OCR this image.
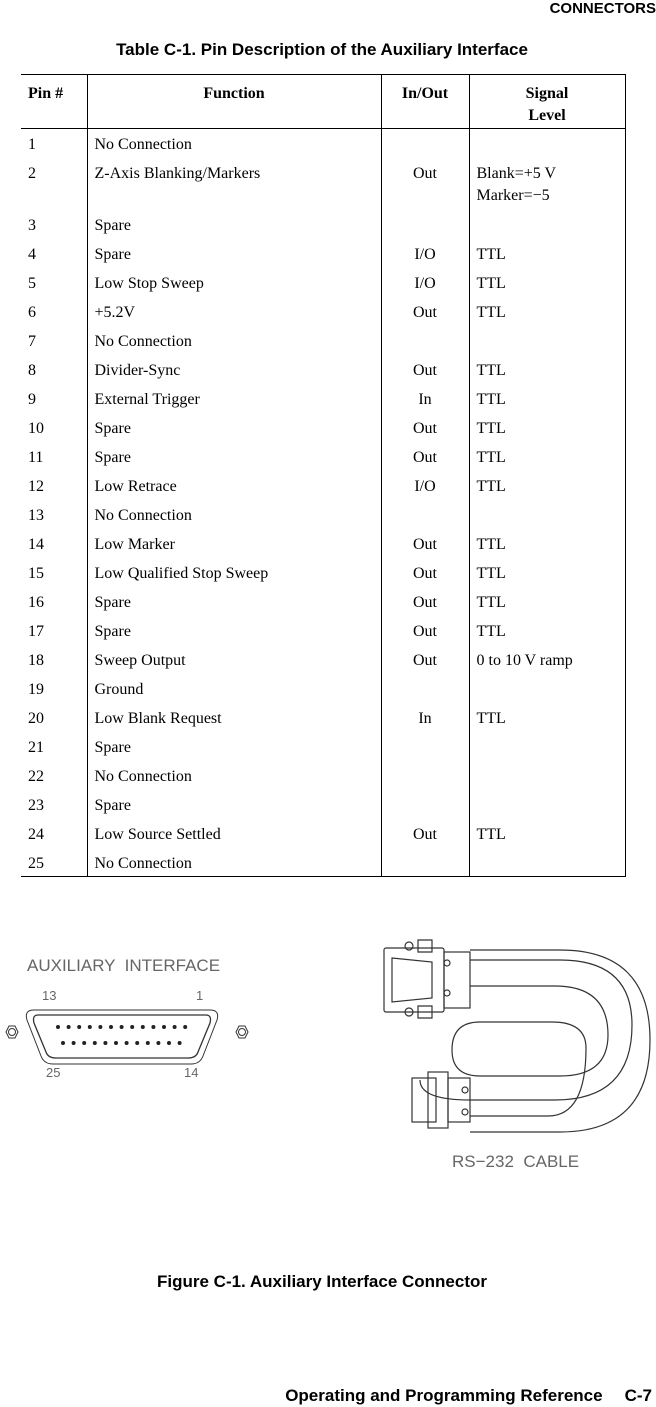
CONNECTORS
Table C-1. Pin Description of the Auxiliary Interface
Pin #	Function	In/Out	Signal
Level
1	No Connection		
2	Z-Axis Blanking/Markers	Out	Blank=+5 V
Marker=−5
3	Spare		
4	Spare	I/O	TTL
5	Low Stop Sweep	I/O	TTL
6	+5.2V	Out	TTL
7	No Connection		
8	Divider-Sync	Out	TTL
9	External Trigger	In	TTL
10	Spare	Out	TTL
11	Spare	Out	TTL
12	Low Retrace	I/O	TTL
13	No Connection		
14	Low Marker	Out	TTL
15	Low Qualified Stop Sweep	Out	TTL
16	Spare	Out	TTL
17	Spare	Out	TTL
18	Sweep Output	Out	0 to 10 V ramp
19	Ground		
20	Low Blank Request	In	TTL
21	Spare		
22	No Connection		
23	Spare		
24	Low Source Settled	Out	TTL
25	No Connection		
AUXILIARY  INTERFACE
13	1
25	14
RS−232  CABLE
Figure C-1. Auxiliary Interface Connector
Operating and Programming Reference C-7
